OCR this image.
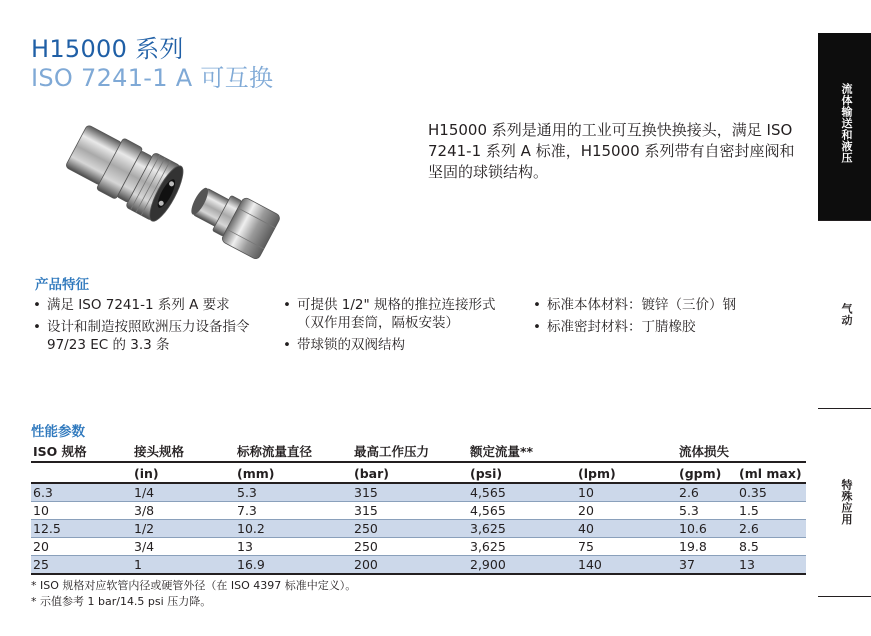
H15000 系列
ISO 7241-1 A 可互换
H15000 系列是通用的工业可互换快换接头，满足 ISO 7241-1 系列 A 标准，H15000 系列带有自密封座阀和坚固的球锁结构。
产品特征
• 满足 ISO 7241-1 系列 A 要求
• 设计和制造按照欧洲压力设备指令 97/23 EC 的 3.3 条
• 可提供 1/2" 规格的推拉连接形式（双作用套筒，隔板安装）
• 带球锁的双阀结构
• 标准本体材料：镀锌（三价）钢
• 标准密封材料：丁腈橡胶
性能参数
ISO 规格	接头规格	标称流量直径	最高工作压力	额定流量**		流体损失	
	(in)	(mm)	(bar)	(psi)	(lpm)	(gpm)	(ml max)
6.3	1/4	5.3	315	4,565	10	2.6	0.35
10	3/8	7.3	315	4,565	20	5.3	1.5
12.5	1/2	10.2	250	3,625	40	10.6	2.6
20	3/4	13	250	3,625	75	19.8	8.5
25	1	16.9	200	2,900	140	37	13
* ISO 规格对应软管内径或硬管外径（在 ISO 4397 标准中定义）。
* 示值参考 1 bar/14.5 psi 压力降。
流体输送和液压
气动
特殊应用
